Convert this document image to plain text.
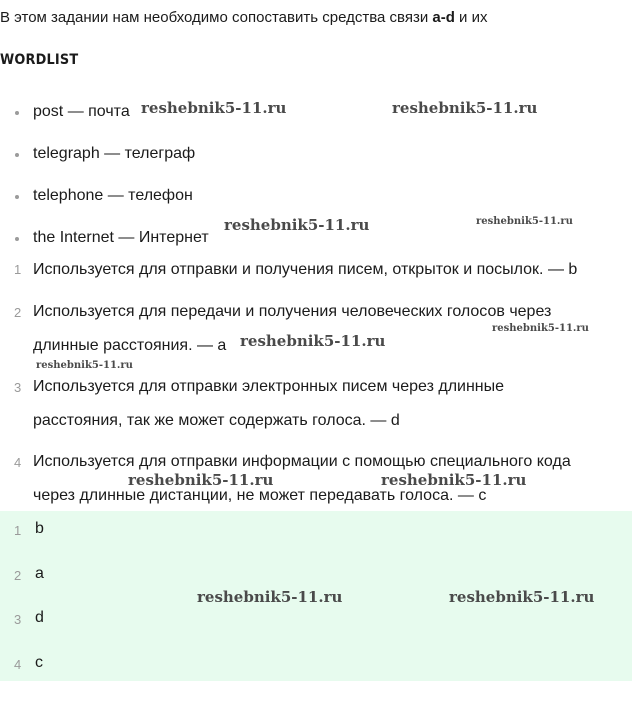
В этом задании нам необходимо сопоставить средства связи a-d и их
WORDLIST
post — почта
telegraph — телеграф
telephone — телефон
the Internet — Интернет
1 Используется для отправки и получения писем, открыток и посылок. — b
2 Используется для передачи и получения человеческих голосов через
длинные расстояния. — a
3 Используется для отправки электронных писем через длинные
расстояния, так же может содержать голоса. — d
4 Используется для отправки информации с помощью специального кода
через длинные дистанции, не может передавать голоса. — c
1 b
2 a
3 d
4 c
reshebnik5-11.ru	reshebnik5-11.ru
reshebnik5-11.ru	reshebnik5-11.ru
reshebnik5-11.ru
reshebnik5-11.ru
reshebnik5-11.ru
reshebnik5-11.ru	reshebnik5-11.ru
reshebnik5-11.ru	reshebnik5-11.ru
